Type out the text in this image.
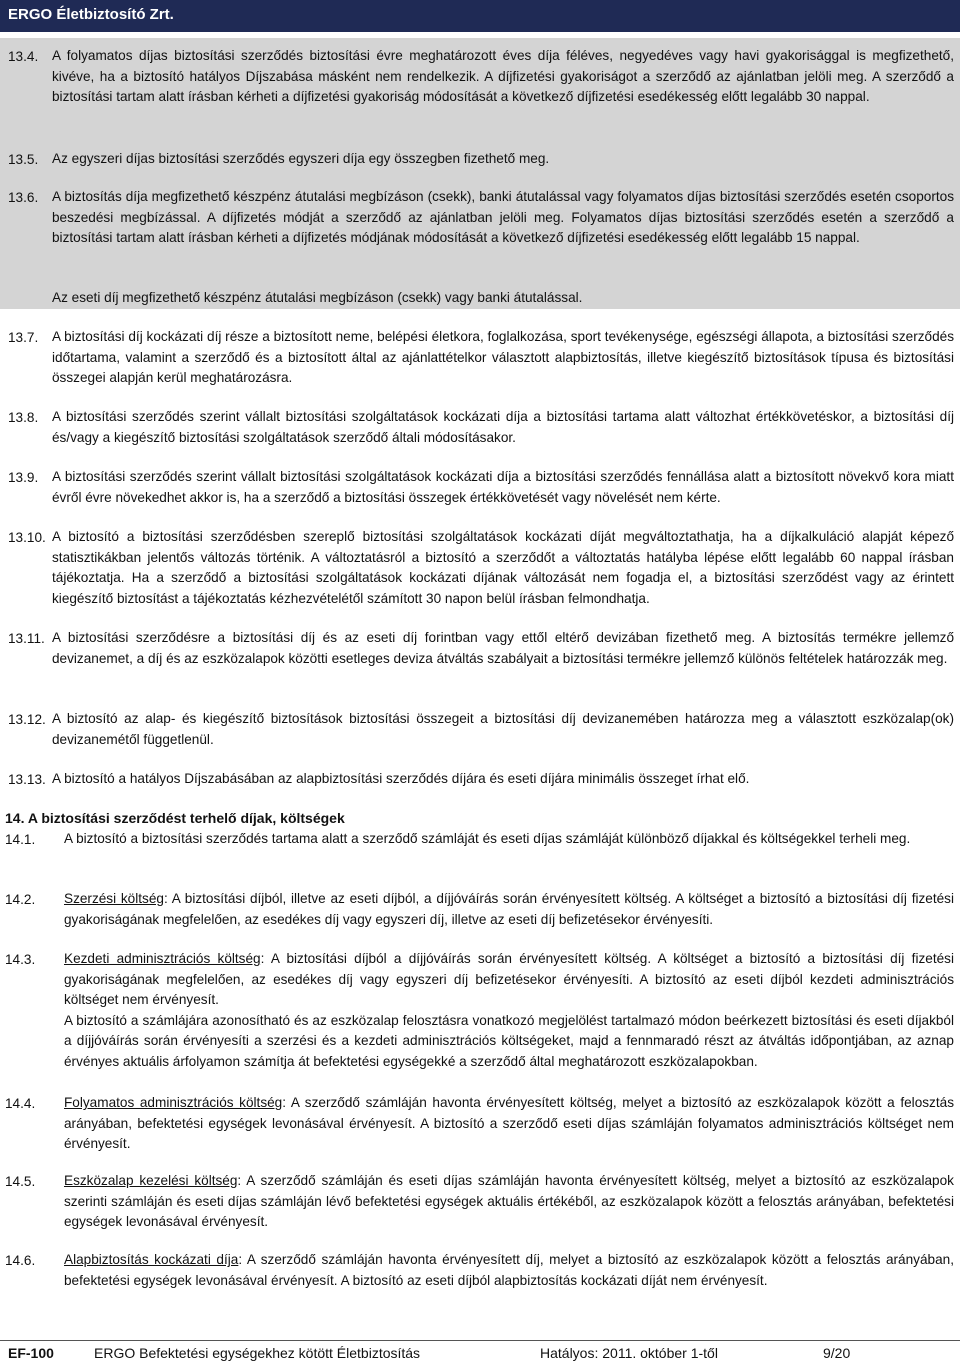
ERGO Életbiztosító Zrt.
13.4. A folyamatos díjas biztosítási szerződés biztosítási évre meghatározott éves díja féléves, negyedéves vagy havi gyakorisággal is megfizethető, kivéve, ha a biztosító hatályos Díjszabása másként nem rendelkezik. A díjfizetési gyakoriságot a szerződő az ajánlatban jelöli meg. A szerződő a biztosítási tartam alatt írásban kérheti a díjfizetési gyakoriság módosítását a következő díjfizetési esedékesség előtt legalább 30 nappal.
13.5. Az egyszeri díjas biztosítási szerződés egyszeri díja egy összegben fizethető meg.
13.6. A biztosítás díja megfizethető készpénz átutalási megbízáson (csekk), banki átutalással vagy folyamatos díjas biztosítási szerződés esetén csoportos beszedési megbízással. A díjfizetés módját a szerződő az ajánlatban jelöli meg. Folyamatos díjas biztosítási szerződés esetén a szerződő a biztosítási tartam alatt írásban kérheti a díjfizetés módjának módosítását a következő díjfizetési esedékesség előtt legalább 15 nappal.
Az eseti díj megfizethető készpénz átutalási megbízáson (csekk) vagy banki átutalással.
13.7. A biztosítási díj kockázati díj része a biztosított neme, belépési életkora, foglalkozása, sport tevékenysége, egészségi állapota, a biztosítási szerződés időtartama, valamint a szerződő és a biztosított által az ajánlattételkor választott alapbiztosítás, illetve kiegészítő biztosítások típusa és biztosítási összegei alapján kerül meghatározásra.
13.8. A biztosítási szerződés szerint vállalt biztosítási szolgáltatások kockázati díja a biztosítási tartama alatt változhat értékkövetéskor, a biztosítási díj és/vagy a kiegészítő biztosítási szolgáltatások szerződő általi módosításakor.
13.9. A biztosítási szerződés szerint vállalt biztosítási szolgáltatások kockázati díja a biztosítási szerződés fennállása alatt a biztosított növekvő kora miatt évről évre növekedhet akkor is, ha a szerződő a biztosítási összegek értékkövetését vagy növelését nem kérte.
13.10. A biztosító a biztosítási szerződésben szereplő biztosítási szolgáltatások kockázati díját megváltoztathatja, ha a díjkalkuláció alapját képező statisztikákban jelentős változás történik. A változtatásról a biztosító a szerződőt a változtatás hatályba lépése előtt legalább 60 nappal írásban tájékoztatja. Ha a szerződő a biztosítási szolgáltatások kockázati díjának változását nem fogadja el, a biztosítási szerződést vagy az érintett kiegészítő biztosítást a tájékoztatás kézhezvételétől számított 30 napon belül írásban felmondhatja.
13.11. A biztosítási szerződésre a biztosítási díj és az eseti díj forintban vagy ettől eltérő devizában fizethető meg. A biztosítás termékre jellemző devizanemet, a díj és az eszközalapok közötti esetleges deviza átváltás szabályait a biztosítási termékre jellemző különös feltételek határozzák meg.
13.12. A biztosító az alap- és kiegészítő biztosítások biztosítási összegeit a biztosítási díj devizanemében határozza meg a választott eszközalap(ok) devizanemétől függetlenül.
13.13. A biztosító a hatályos Díjszabásában az alapbiztosítási szerződés díjára és eseti díjára minimális összeget írhat elő.
14. A biztosítási szerződést terhelő díjak, költségek
14.1. A biztosító a biztosítási szerződés tartama alatt a szerződő számláját és eseti díjas számláját különböző díjakkal és költségekkel terheli meg.
14.2. Szerzési költség: A biztosítási díjból, illetve az eseti díjból, a díjjóváírás során érvényesített költség. A költséget a biztosító a biztosítási díj fizetési gyakoriságának megfelelően, az esedékes díj vagy egyszeri díj, illetve az eseti díj befizetésekor érvényesíti.
14.3. Kezdeti adminisztrációs költség: A biztosítási díjból a díjjóváírás során érvényesített költség. A költséget a biztosító a biztosítási díj fizetési gyakoriságának megfelelően, az esedékes díj vagy egyszeri díj befizetésekor érvényesíti. A biztosító az eseti díjból kezdeti adminisztrációs költséget nem érvényesít.
A biztosító a számlájára azonosítható és az eszközalap felosztásra vonatkozó megjelölést tartalmazó módon beérkezett biztosítási és eseti díjakból a díjjóváírás során érvényesíti a szerzési és a kezdeti adminisztrációs költségeket, majd a fennmaradó részt az átváltás időpontjában, az aznap érvényes aktuális árfolyamon számítja át befektetési egységekké a szerződő által meghatározott eszközalapokban.
14.4. Folyamatos adminisztrációs költség: A szerződő számláján havonta érvényesített költség, melyet a biztosító az eszközalapok között a felosztás arányában, befektetési egységek levonásával érvényesít. A biztosító a szerződő eseti díjas számláján folyamatos adminisztrációs költséget nem érvényesít.
14.5. Eszközalap kezelési költség: A szerződő számláján és eseti díjas számláján havonta érvényesített költség, melyet a biztosító az eszközalapok szerinti számláján és eseti díjas számláján lévő befektetési egységek aktuális értékéből, az eszközalapok között a felosztás arányában, befektetési egységek levonásával érvényesít.
14.6. Alapbiztosítás kockázati díja: A szerződő számláján havonta érvényesített díj, melyet a biztosító az eszközalapok között a felosztás arányában, befektetési egységek levonásával érvényesít. A biztosító az eseti díjból alapbiztosítás kockázati díját nem érvényesít.
EF-100	ERGO Befektetési egységekhez kötött Életbiztosítás	Hatályos: 2011. október 1-től	9/20
